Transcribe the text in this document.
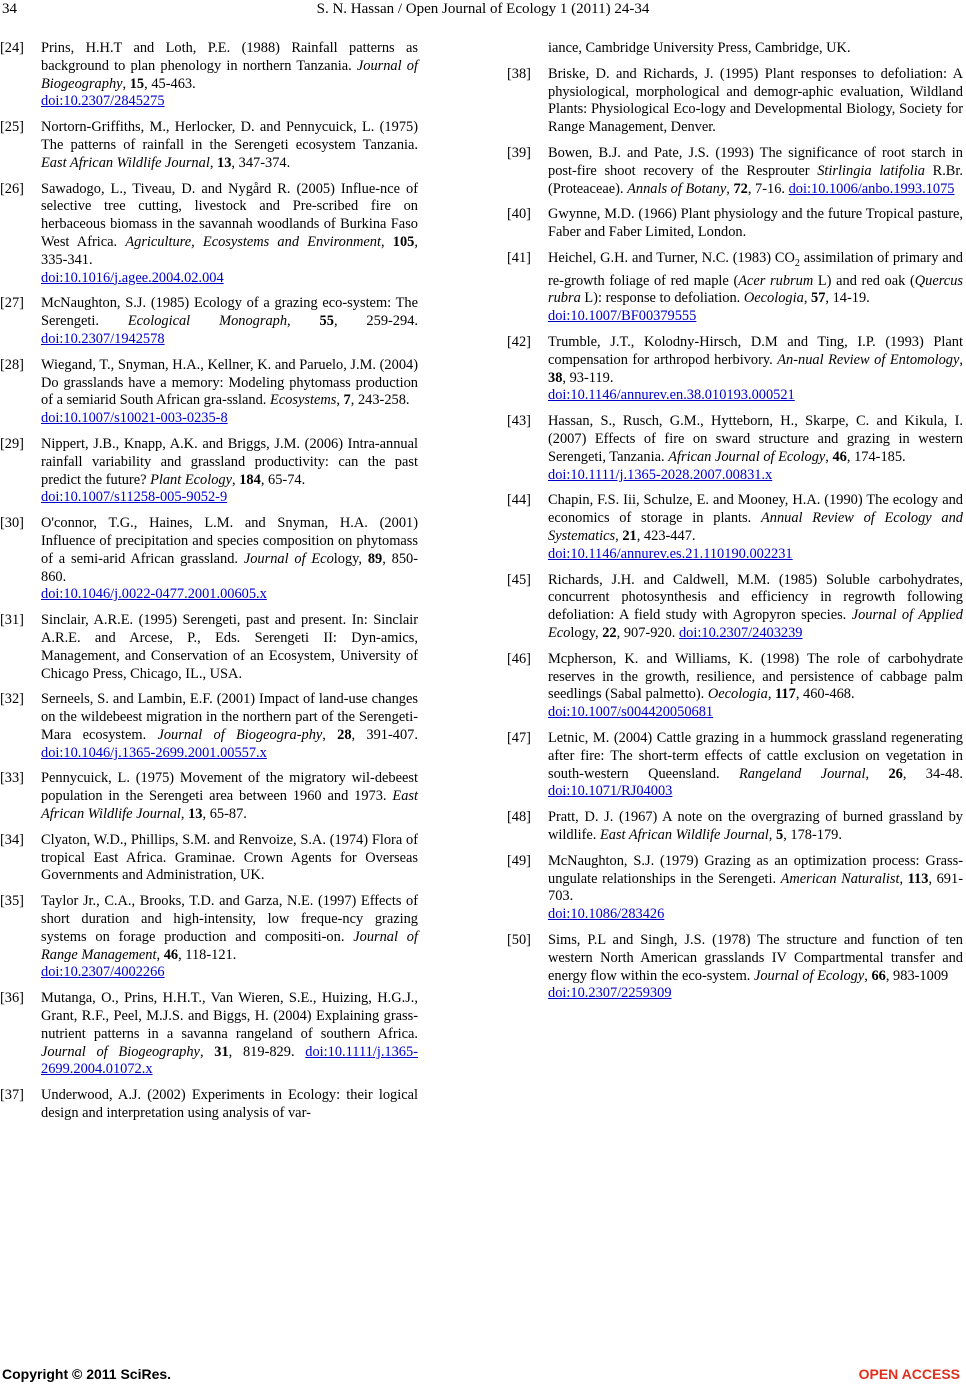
34	S. N. Hassan / Open Journal of Ecology 1 (2011) 24-34
[24] Prins, H.H.T and Loth, P.E. (1988) Rainfall patterns as background to plan phenology in northern Tanzania. Journal of Biogeography, 15, 45-463.
doi:10.2307/2845275
[25] Nortorn-Griffiths, M., Herlocker, D. and Pennycuick, L. (1975) The patterns of rainfall in the Serengeti ecosystem Tanzania. East African Wildlife Journal, 13, 347-374.
[26] Sawadogo, L., Tiveau, D. and Nygård R. (2005) Influe-nce of selective tree cutting, livestock and Pre-scribed fire on herbaceous biomass in the savannah woodlands of Burkina Faso West Africa. Agriculture, Ecosystems and Environment, 105, 335-341.
doi:10.1016/j.agee.2004.02.004
[27] McNaughton, S.J. (1985) Ecology of a grazing eco-system: The Serengeti. Ecological Monograph, 55, 259-294. doi:10.2307/1942578
[28] Wiegand, T., Snyman, H.A., Kellner, K. and Paruelo, J.M. (2004) Do grasslands have a memory: Modeling phytomass production of a semiarid South African gra-ssland. Ecosystems, 7, 243-258.
doi:10.1007/s10021-003-0235-8
[29] Nippert, J.B., Knapp, A.K. and Briggs, J.M. (2006) Intra-annual rainfall variability and grassland productivity: can the past predict the future? Plant Ecology, 184, 65-74.
doi:10.1007/s11258-005-9052-9
[30] O'connor, T.G., Haines, L.M. and Snyman, H.A. (2001) Influence of precipitation and species composition on phytomass of a semi-arid African grassland. Journal of Ecology, 89, 850-860.
doi:10.1046/j.0022-0477.2001.00605.x
[31] Sinclair, A.R.E. (1995) Serengeti, past and present. In: Sinclair A.R.E. and Arcese, P., Eds. Serengeti II: Dyn-amics, Management, and Conservation of an Ecosystem, University of Chicago Press, Chicago, IL., USA.
[32] Serneels, S. and Lambin, E.F. (2001) Impact of land-use changes on the wildebeest migration in the northern part of the Serengeti-Mara ecosystem. Journal of Biogeogra-phy, 28, 391-407. doi:10.1046/j.1365-2699.2001.00557.x
[33] Pennycuick, L. (1975) Movement of the migratory wil-debeest population in the Serengeti area between 1960 and 1973. East African Wildlife Journal, 13, 65-87.
[34] Clyaton, W.D., Phillips, S.M. and Renvoize, S.A. (1974) Flora of tropical East Africa. Graminae. Crown Agents for Overseas Governments and Administration, UK.
[35] Taylor Jr., C.A., Brooks, T.D. and Garza, N.E. (1997) Effects of short duration and high-intensity, low freque-ncy grazing systems on forage production and compositi-on. Journal of Range Management, 46, 118-121.
doi:10.2307/4002266
[36] Mutanga, O., Prins, H.H.T., Van Wieren, S.E., Huizing, H.G.J., Grant, R.F., Peel, M.J.S. and Biggs, H. (2004) Explaining grass-nutrient patterns in a savanna rangeland of southern Africa. Journal of Biogeography, 31, 819-829. doi:10.1111/j.1365-2699.2004.01072.x
[37] Underwood, A.J. (2002) Experiments in Ecology: their logical design and interpretation using analysis of var-
iance, Cambridge University Press, Cambridge, UK.
[38] Briske, D. and Richards, J. (1995) Plant responses to defoliation: A physiological, morphological and demogr-aphic evaluation, Wildland Plants: Physiological Eco-logy and Developmental Biology, Society for Range Management, Denver.
[39] Bowen, B.J. and Pate, J.S. (1993) The significance of root starch in post-fire shoot recovery of the Resprouter Stirlingia latifolia R.Br. (Proteaceae). Annals of Botany, 72, 7-16. doi:10.1006/anbo.1993.1075
[40] Gwynne, M.D. (1966) Plant physiology and the future Tropical pasture, Faber and Faber Limited, London.
[41] Heichel, G.H. and Turner, N.C. (1983) $CO_2$ assimilation of primary and re-growth foliage of red maple (Acer rubrum L) and red oak (Quercus rubra L): response to defoliation. Oecologia, 57, 14-19.
doi:10.1007/BF00379555
[42] Trumble, J.T., Kolodny-Hirsch, D.M and Ting, I.P. (1993) Plant compensation for arthropod herbivory. An-nual Review of Entomology, 38, 93-119.
doi:10.1146/annurev.en.38.010193.000521
[43] Hassan, S., Rusch, G.M., Hytteborn, H., Skarpe, C. and Kikula, I. (2007) Effects of fire on sward structure and grazing in western Serengeti, Tanzania. African Journal of Ecology, 46, 174-185.
doi:10.1111/j.1365-2028.2007.00831.x
[44] Chapin, F.S. Iii, Schulze, E. and Mooney, H.A. (1990) The ecology and economics of storage in plants. Annual Review of Ecology and Systematics, 21, 423-447.
doi:10.1146/annurev.es.21.110190.002231
[45] Richards, J.H. and Caldwell, M.M. (1985) Soluble carbohydrates, concurrent photosynthesis and efficiency in regrowth following defoliation: A field study with Agropyron species. Journal of Applied Ecology, 22, 907-920. doi:10.2307/2403239
[46] Mcpherson, K. and Williams, K. (1998) The role of carbohydrate reserves in the growth, resilience, and persistence of cabbage palm seedlings (Sabal palmetto). Oecologia, 117, 460-468.
doi:10.1007/s004420050681
[47] Letnic, M. (2004) Cattle grazing in a hummock grassland regenerating after fire: The short-term effects of cattle exclusion on vegetation in south-western Queensland. Rangeland Journal, 26, 34-48. doi:10.1071/RJ04003
[48] Pratt, D. J. (1967) A note on the overgrazing of burned grassland by wildlife. East African Wildlife Journal, 5, 178-179.
[49] McNaughton, S.J. (1979) Grazing as an optimization process: Grass-ungulate relationships in the Serengeti. American Naturalist, 113, 691-703.
doi:10.1086/283426
[50] Sims, P.L and Singh, J.S. (1978) The structure and function of ten western North American grasslands IV Compartmental transfer and energy flow within the eco-system. Journal of Ecology, 66, 983-1009
doi:10.2307/2259309
Copyright © 2011 SciRes.	OPEN ACCESS
